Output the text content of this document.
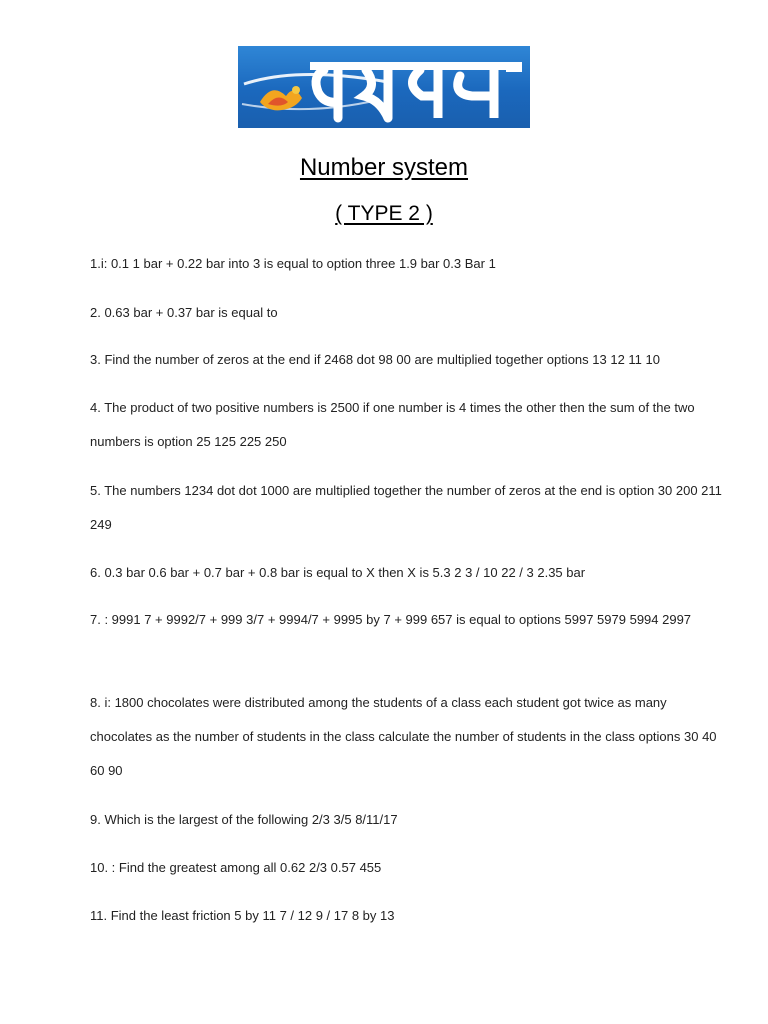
Number system
( TYPE 2 )

1.i: 0.1 1 bar + 0.22 bar into 3 is equal to option three 1.9 bar 0.3 Bar 1

2. 0.63 bar + 0.37 bar is equal to

3. Find the number of zeros at the end if 2468 dot 98 00 are multiplied together options 13 12 11 10

4. The product of two positive numbers is 2500 if one number is 4 times the other then the sum of the two numbers is option 25 125 225 250

5. The numbers 1234 dot dot 1000 are multiplied together the number of zeros at the end is option 30 200 211 249

6. 0.3 bar 0.6 bar + 0.7 bar + 0.8 bar is equal to X then X is 5.3 2 3 / 10 22 / 3 2.35 bar

7. : 9991 7 + 9992/7 + 999 3/7 + 9994/7 + 9995 by 7 + 999 657 is equal to options 5997 5979 5994 2997

8. i: 1800 chocolates were distributed among the students of a class each student got twice as many chocolates as the number of students in the class calculate the number of students in the class options 30 40 60 90

9. Which is the largest of the following 2/3 3/5 8/11/17

10. : Find the greatest among all 0.62 2/3 0.57 455

11. Find the least friction 5 by 11 7 / 12 9 / 17 8 by 13
